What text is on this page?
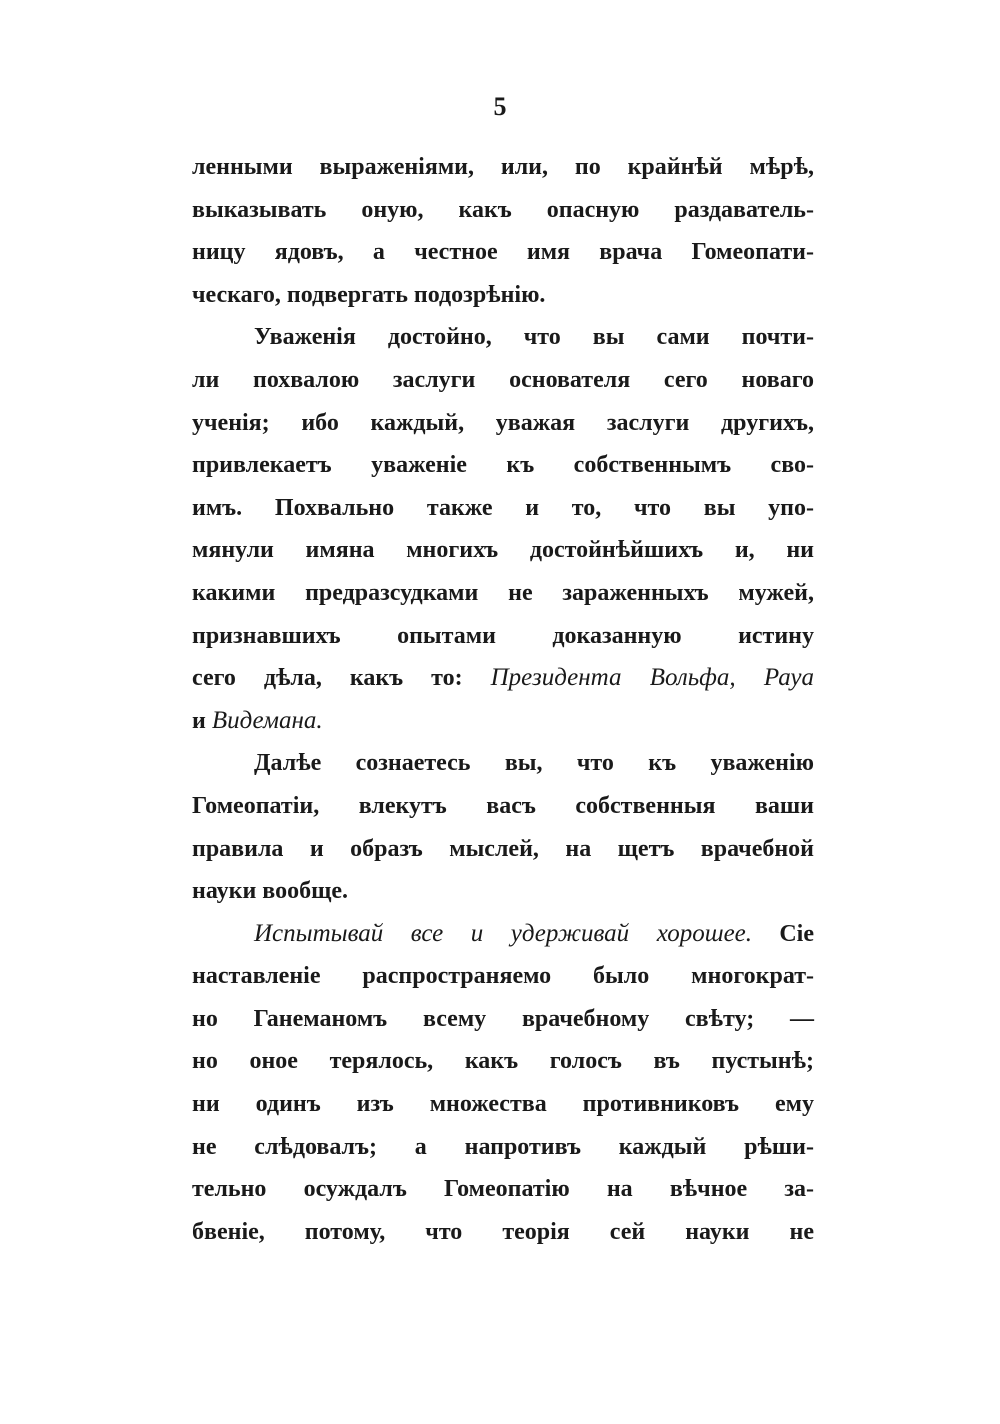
5
ленными выраженіями, или, по крайнѣй мѣрѣ,
выказывать оную, какъ опасную раздаватель-
ницу ядовъ, а честное имя врача Гомеопати-
ческаго, подвергать подозрѣнію.
Уваженія достойно, что вы сами почти-
ли похвалою заслуги основателя сего новаго
ученія; ибо каждый, уважая заслуги другихъ,
привлекаетъ уваженіе къ собственнымъ сво-
имъ. Похвально также и то, что вы упо-
мянули имяна многихъ достойнѣйшихъ и, ни
какими предразсудками не зараженныхъ мужей,
признавшихъ опытами доказанную истину
сего дѣла, какъ то: Президента Вольфа, Рауа
и Видемана.
Далѣе сознаетесь вы, что къ уваженію
Гомеопатіи, влекутъ васъ собственныя ваши
правила и образъ мыслей, на щетъ врачебной
науки вообще.
Испытывай все и удерживай хорошее. Сіе
наставленіе распространяемо было многократ-
но Ганеманомъ всему врачебному свѣту; —
но оное терялось, какъ голосъ въ пустынѣ;
ни одинъ изъ множества противниковъ ему
не слѣдовалъ; а напротивъ каждый рѣши-
тельно осуждалъ Гомеопатію на вѣчное за-
бвеніе, потому, что теорія сей науки не
